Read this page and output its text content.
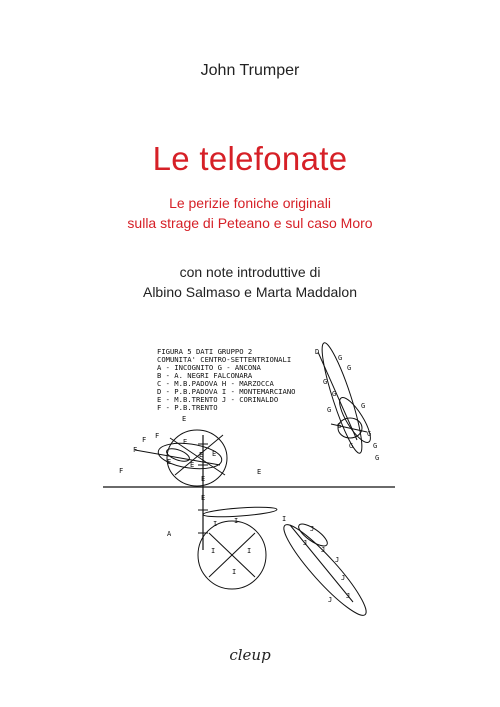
John Trumper
Le telefonate
Le perizie foniche originali
sulla strage di Peteano e sul caso Moro
con note introduttive di
Albino Salmaso e Marta Maddalon
FIGURA 5 DATI GRUPPO 2
COMUNITA' CENTRO-SETTENTRIONALI
A - INCOGNITO G - ANCONA
B - A. NEGRI FALCONARA
C - M.B.PADOVA H - MARZOCCA
D - P.B.PADOVA I - MONTEMARCIANO
E - M.B.TRENTO J - CORINALDO
F - P.B.TRENTO
F F
F
F
E
E
E
E E
E
E
E
E
D
G
G
G
G
G	G
G
G
G
G
G
I I
I	I
I
I
A
J
J
J
J
J
J
J
cleup
